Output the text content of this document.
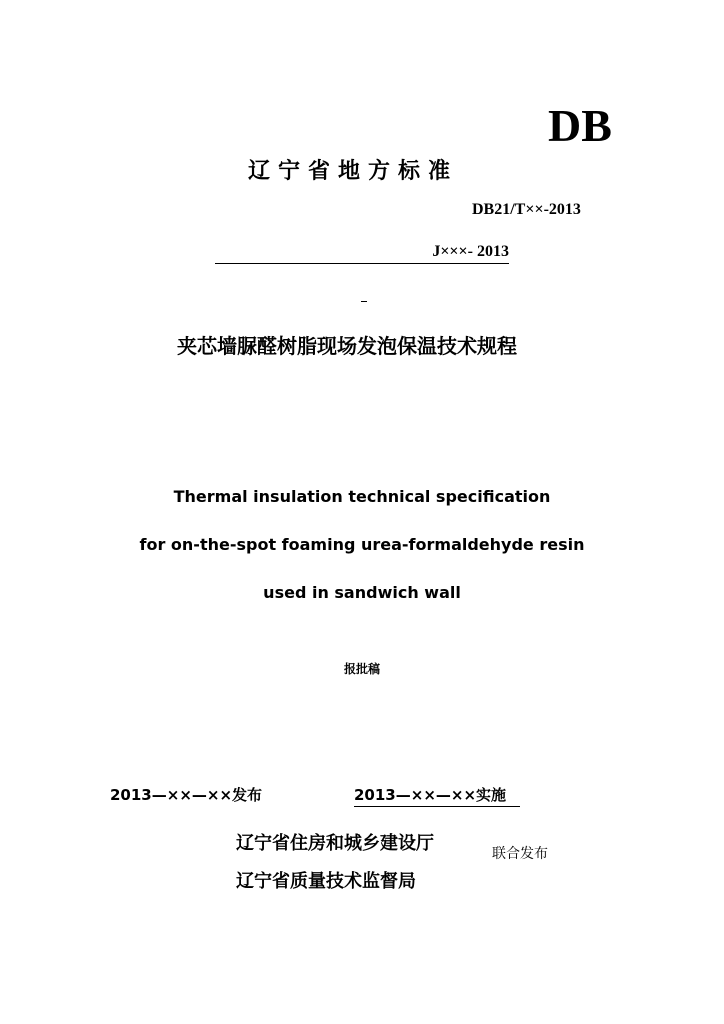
DB
辽宁省地方标准
DB21/T××-2013
J×××- 2013
夹芯墙脲醛树脂现场发泡保温技术规程
Thermal insulation technical specification
for on-the-spot foaming urea-formaldehyde resin
used in sandwich wall
报批稿
2013—××—××发布	2013—××—××实施
辽宁省住房和城乡建设厅
辽宁省质量技术监督局
联合发布
